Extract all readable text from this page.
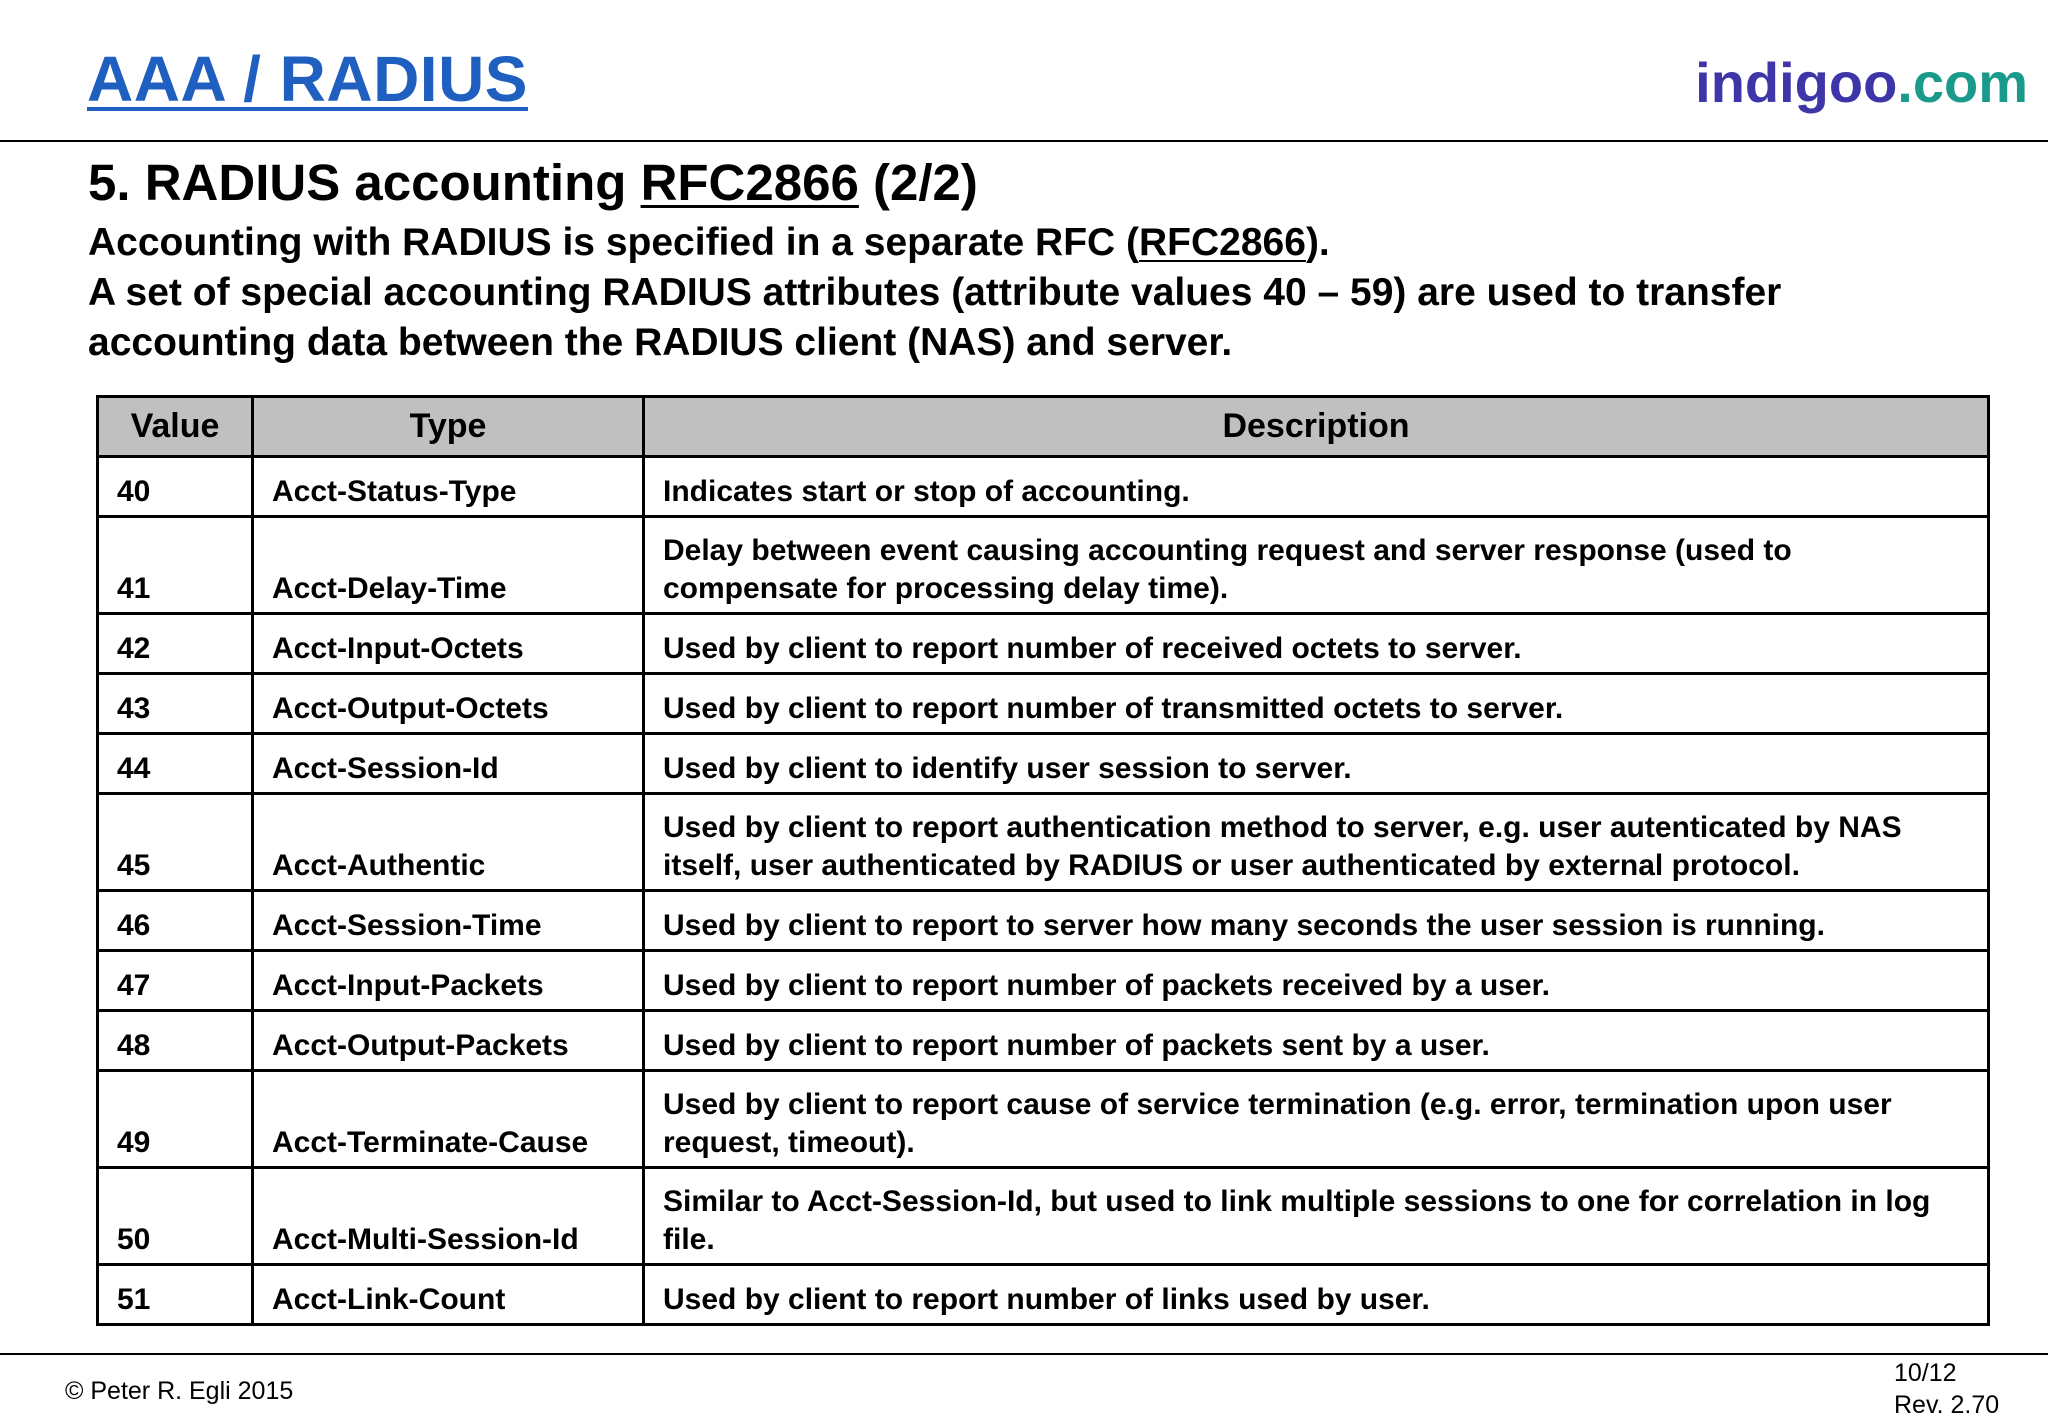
AAA / RADIUS	indigoo.com
5. RADIUS accounting RFC2866 (2/2)

Accounting with RADIUS is specified in a separate RFC (RFC2866).

A set of special accounting RADIUS attributes (attribute values 40 – 59) are used to transfer accounting data between the RADIUS client (NAS) and server.

Value	Type	Description
40	Acct-Status-Type	Indicates start or stop of accounting.
41	Acct-Delay-Time	Delay between event causing accounting request and server response (used to compensate for processing delay time).
42	Acct-Input-Octets	Used by client to report number of received octets to server.
43	Acct-Output-Octets	Used by client to report number of transmitted octets to server.
44	Acct-Session-Id	Used by client to identify user session to server.
45	Acct-Authentic	Used by client to report authentication method to server, e.g. user autenticated by NAS itself, user authenticated by RADIUS or user authenticated by external protocol.
46	Acct-Session-Time	Used by client to report to server how many seconds the user session is running.
47	Acct-Input-Packets	Used by client to report number of packets received by a user.
48	Acct-Output-Packets	Used by client to report number of packets sent by a user.
49	Acct-Terminate-Cause	Used by client to report cause of service termination (e.g. error, termination upon user request, timeout).
50	Acct-Multi-Session-Id	Similar to Acct-Session-Id, but used to link multiple sessions to one for correlation in log file.
51	Acct-Link-Count	Used by client to report number of links used by user.
© Peter R. Egli 2015
10/12
Rev. 2.70
